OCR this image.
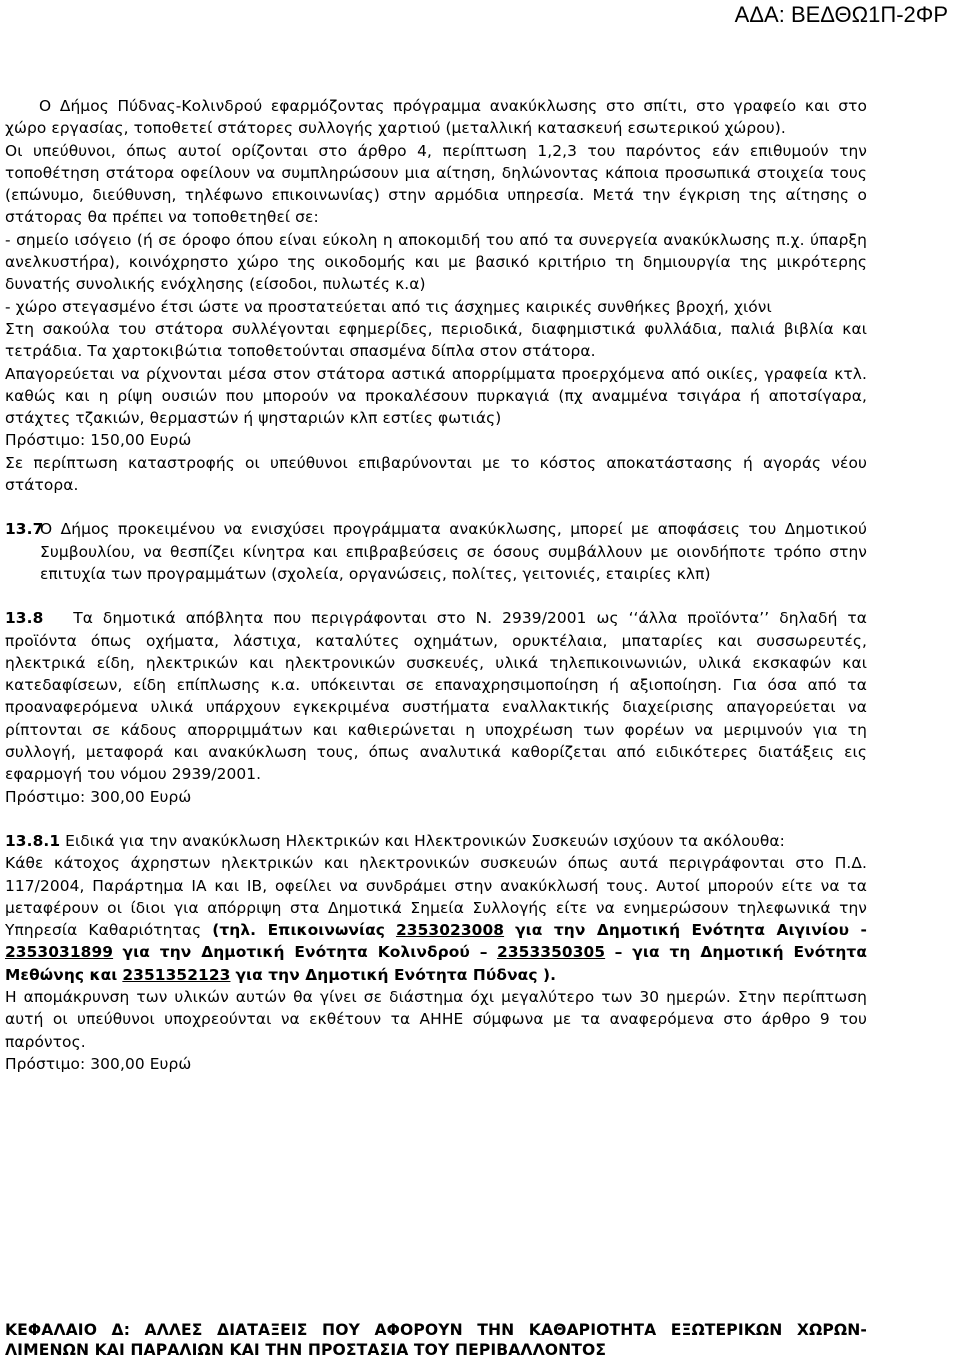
ΑΔΑ: ΒΕΔΘΩ1Π-2ΦΡ

Ο Δήμος Πύδνας-Κολινδρού εφαρμόζοντας πρόγραμμα ανακύκλωσης στο σπίτι, στο γραφείο και στο χώρο εργασίας, τοποθετεί στάτορες συλλογής χαρτιού (μεταλλική κατασκευή εσωτερικού χώρου).

Οι υπεύθυνοι, όπως αυτοί ορίζονται στο άρθρο 4, περίπτωση 1,2,3 του παρόντος εάν επιθυμούν την τοποθέτηση στάτορα οφείλουν να συμπληρώσουν μια αίτηση, δηλώνοντας κάποια προσωπικά στοιχεία τους (επώνυμο, διεύθυνση, τηλέφωνο επικοινωνίας) στην αρμόδια υπηρεσία. Μετά την έγκριση της αίτησης ο στάτορας θα πρέπει να τοποθετηθεί σε:

- σημείο ισόγειο (ή σε όροφο όπου είναι εύκολη η αποκομιδή του από τα συνεργεία ανακύκλωσης π.χ. ύπαρξη ανελκυστήρα), κοινόχρηστο χώρο της οικοδομής και με βασικό κριτήριο τη δημιουργία της μικρότερης δυνατής συνολικής ενόχλησης (είσοδοι, πυλωτές κ.α)

- χώρο στεγασμένο έτσι ώστε να προστατεύεται από τις άσχημες καιρικές συνθήκες βροχή, χιόνι

Στη σακούλα του στάτορα συλλέγονται εφημερίδες, περιοδικά, διαφημιστικά φυλλάδια, παλιά βιβλία και τετράδια. Τα χαρτοκιβώτια τοποθετούνται σπασμένα δίπλα στον στάτορα.

Απαγορεύεται να ρίχνονται μέσα στον στάτορα αστικά απορρίμματα προερχόμενα από οικίες, γραφεία κτλ. καθώς και η ρίψη ουσιών που μπορούν να προκαλέσουν πυρκαγιά (πχ αναμμένα τσιγάρα ή αποτσίγαρα, στάχτες τζακιών, θερμαστών ή ψησταριών κλπ εστίες φωτιάς)

Πρόστιμο: 150,00 Ευρώ

Σε περίπτωση καταστροφής οι υπεύθυνοι επιβαρύνονται με το κόστος αποκατάστασης ή αγοράς νέου στάτορα.

13.7Ο Δήμος προκειμένου να ενισχύσει προγράμματα ανακύκλωσης, μπορεί με αποφάσεις του Δημοτικού Συμβουλίου, να θεσπίζει κίνητρα και επιβραβεύσεις σε όσους συμβάλλουν με οιονδήποτε τρόπο στην επιτυχία των προγραμμάτων (σχολεία, οργανώσεις, πολίτες, γειτονιές, εταιρίες κλπ)

13.8 Τα δημοτικά απόβλητα που περιγράφονται στο Ν. 2939/2001 ως ‘‘άλλα προϊόντα’’ δηλαδή τα προϊόντα όπως οχήματα, λάστιχα, καταλύτες οχημάτων, ορυκτέλαια, μπαταρίες και συσσωρευτές, ηλεκτρικά είδη, ηλεκτρικών και ηλεκτρονικών συσκευές, υλικά τηλεπικοινωνιών, υλικά εκσκαφών και κατεδαφίσεων, είδη επίπλωσης κ.α. υπόκεινται σε επαναχρησιμοποίηση ή αξιοποίηση. Για όσα από τα προαναφερόμενα υλικά υπάρχουν εγκεκριμένα συστήματα εναλλακτικής διαχείρισης απαγορεύεται να ρίπτονται σε κάδους απορριμμάτων και καθιερώνεται η υποχρέωση των φορέων να μεριμνούν για τη συλλογή, μεταφορά και ανακύκλωση τους, όπως αναλυτικά καθορίζεται από ειδικότερες διατάξεις εις εφαρμογή του νόμου 2939/2001.

Πρόστιμο: 300,00 Ευρώ

13.8.1 Ειδικά για την ανακύκλωση Ηλεκτρικών και Ηλεκτρονικών Συσκευών ισχύουν τα ακόλουθα:

Κάθε κάτοχος άχρηστων ηλεκτρικών και ηλεκτρονικών συσκευών όπως αυτά περιγράφονται στο Π.Δ. 117/2004, Παράρτημα ΙΑ και ΙΒ, οφείλει να συνδράμει στην ανακύκλωσή τους. Αυτοί μπορούν είτε να τα μεταφέρουν οι ίδιοι για απόρριψη στα Δημοτικά Σημεία Συλλογής είτε να ενημερώσουν τηλεφωνικά την Υπηρεσία Καθαριότητας (τηλ. Επικοινωνίας 2353023008 για την Δημοτική Ενότητα Αιγινίου - 2353031899 για την Δημοτική Ενότητα Κολινδρού – 2353350305 – για τη Δημοτική Ενότητα Μεθώνης και 2351352123 για την Δημοτική Ενότητα Πύδνας ).

Η απομάκρυνση των υλικών αυτών θα γίνει σε διάστημα όχι μεγαλύτερο των 30 ημερών. Στην περίπτωση αυτή οι υπεύθυνοι υποχρεούνται να εκθέτουν τα ΑΗΗΕ σύμφωνα με τα αναφερόμενα στο άρθρο 9 του παρόντος.

Πρόστιμο: 300,00 Ευρώ

ΚΕΦΑΛΑΙΟ Δ: ΑΛΛΕΣ ΔΙΑΤΑΞΕΙΣ ΠΟΥ ΑΦΟΡΟΥΝ ΤΗΝ ΚΑΘΑΡΙΟΤΗΤΑ ΕΞΩΤΕΡΙΚΩΝ ΧΩΡΩΝ- ΛΙΜΕΝΩΝ ΚΑΙ ΠΑΡΑΛΙΩΝ ΚΑΙ ΤΗΝ ΠΡΟΣΤΑΣΙΑ ΤΟΥ ΠΕΡΙΒΑΛΛΟΝΤΟΣ
